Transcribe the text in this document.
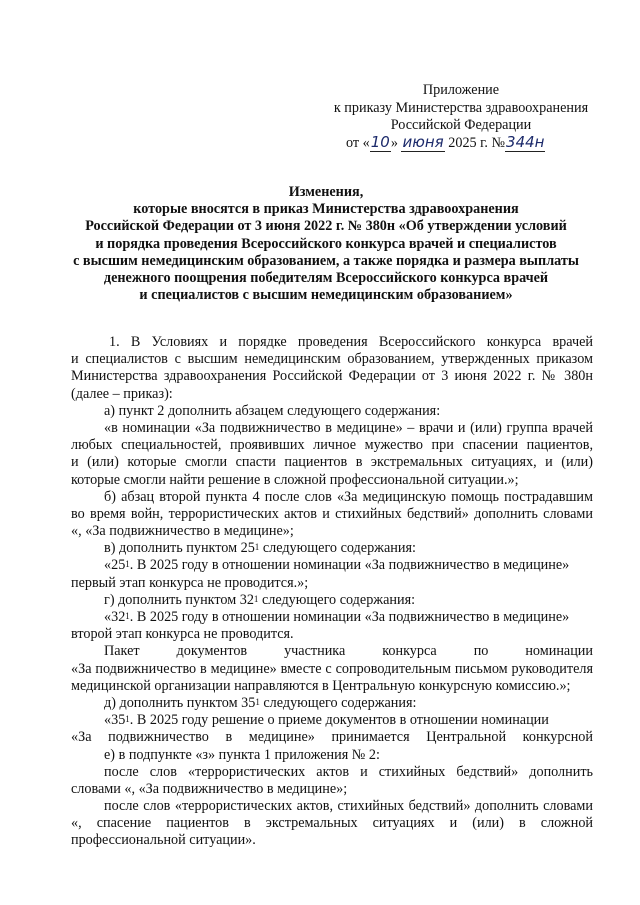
Приложение
к приказу Министерства здравоохранения
Российской Федерации
от «10» июня 2025 г. №344н
Изменения,
которые вносятся в приказ Министерства здравоохранения
Российской Федерации от 3 июня 2022 г. № 380н «Об утверждении условий
и порядка проведения Всероссийского конкурса врачей и специалистов
с высшим немедицинским образованием, а также порядка и размера выплаты
денежного поощрения победителям Всероссийского конкурса врачей
и специалистов с высшим немедицинским образованием»
1. В Условиях и порядке проведения Всероссийского конкурса врачей
и специалистов с высшим немедицинским образованием, утвержденных приказом
Министерства здравоохранения Российской Федерации от 3 июня 2022 г. № 380н
(далее – приказ):
а) пункт 2 дополнить абзацем следующего содержания:
«в номинации «За подвижничество в медицине» – врачи и (или) группа врачей
любых специальностей, проявивших личное мужество при спасении пациентов,
и (или) которые смогли спасти пациентов в экстремальных ситуациях, и (или)
которые смогли найти решение в сложной профессиональной ситуации.»;
б) абзац второй пункта 4 после слов «За медицинскую помощь пострадавшим
во время войн, террористических актов и стихийных бедствий» дополнить словами
«, «За подвижничество в медицине»;
в) дополнить пунктом $25^1$ следующего содержания:
«$25^1$. В 2025 году в отношении номинации «За подвижничество в медицине»
первый этап конкурса не проводится.»;
г) дополнить пунктом $32^1$ следующего содержания:
«$32^1$. В 2025 году в отношении номинации «За подвижничество в медицине»
второй этап конкурса не проводится.
Пакет документов участника конкурса по номинации
«За подвижничество в медицине» вместе с сопроводительным письмом руководителя
медицинской организации направляются в Центральную конкурсную комиссию.»;
д) дополнить пунктом $35^1$ следующего содержания:
«$35^1$. В 2025 году решение о приеме документов в отношении номинации
«За подвижничество в медицине» принимается Центральной конкурсной
е) в подпункте «з» пункта 1 приложения № 2:
после слов «террористических актов и стихийных бедствий» дополнить
словами «, «За подвижничество в медицине»;
после слов «террористических актов, стихийных бедствий» дополнить словами
«, спасение пациентов в экстремальных ситуациях и (или) в сложной
профессиональной ситуации».
